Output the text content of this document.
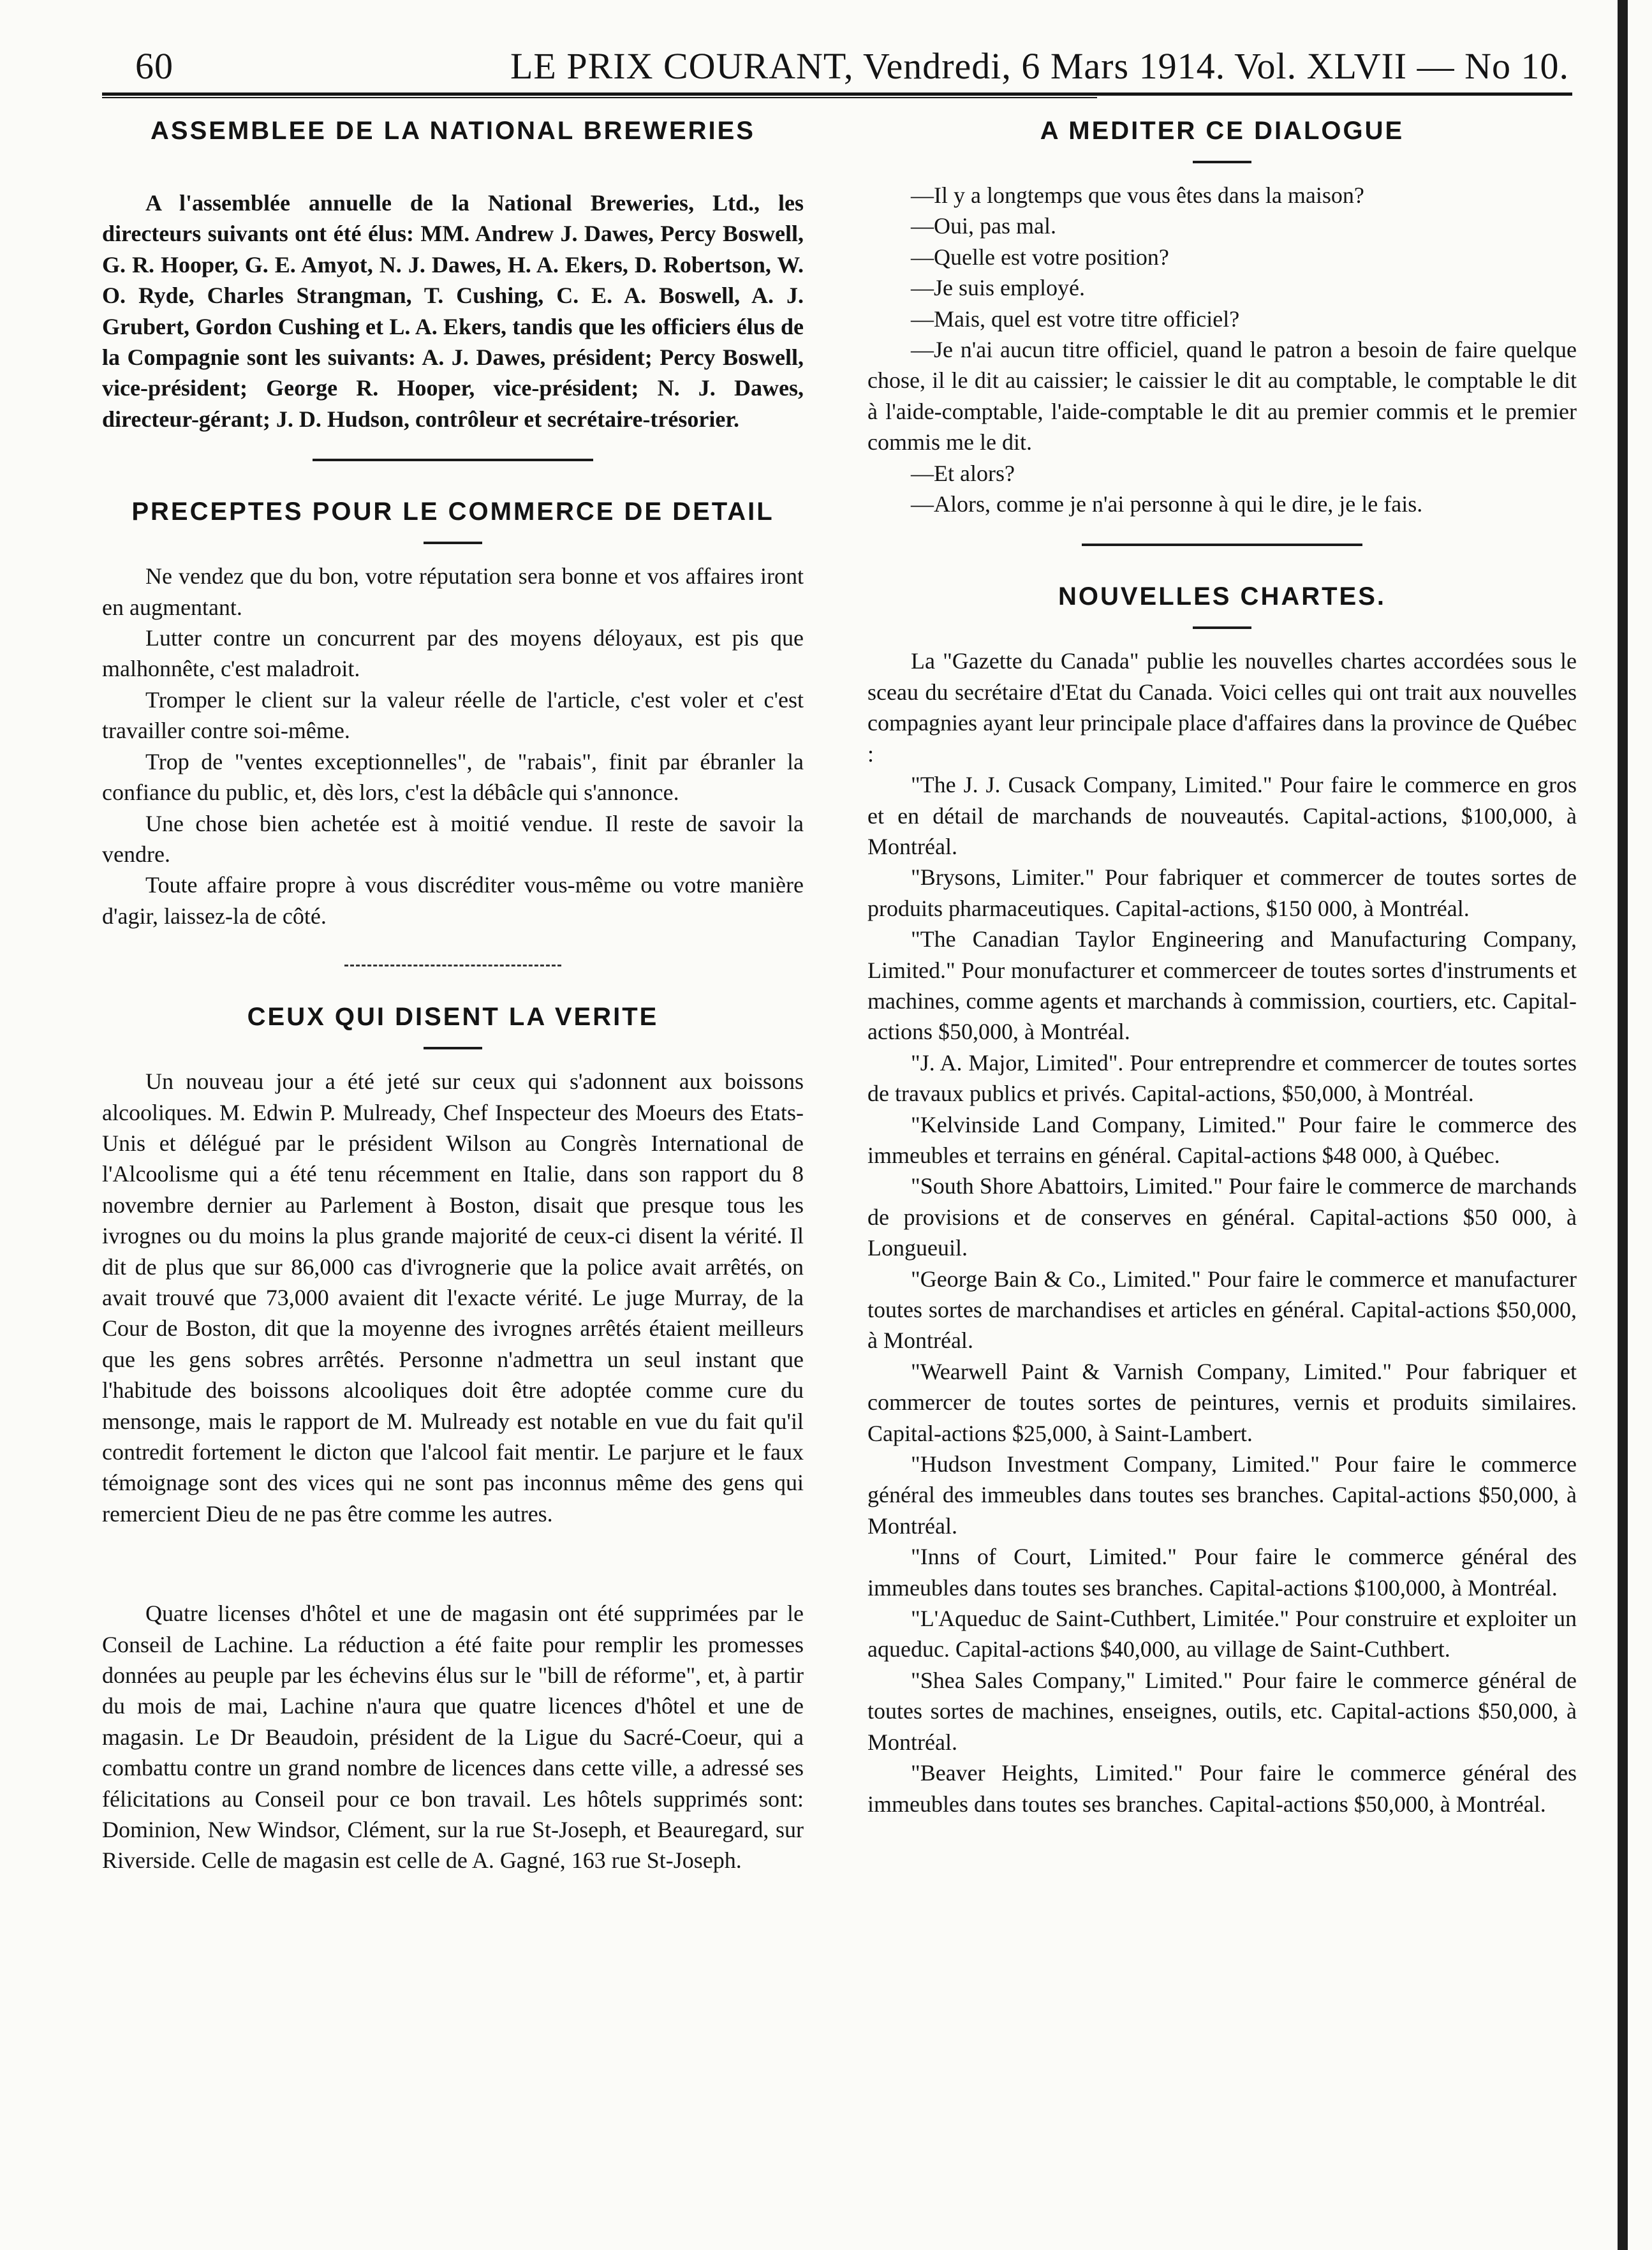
60	LE PRIX COURANT, Vendredi, 6 Mars 1914. Vol. XLVII — No 10.
ASSEMBLEE DE LA NATIONAL BREWERIES

A l'assemblée annuelle de la National Breweries, Ltd., les directeurs suivants ont été élus: MM. Andrew J. Dawes, Percy Boswell, G. R. Hooper, G. E. Amyot, N. J. Dawes, H. A. Ekers, D. Robertson, W. O. Ryde, Charles Strangman, T. Cushing, C. E. A. Boswell, A. J. Grubert, Gordon Cushing et L. A. Ekers, tandis que les officiers élus de la Compagnie sont les suivants: A. J. Dawes, président; Percy Boswell, vice-président; George R. Hooper, vice-président; N. J. Dawes, directeur-gérant; J. D. Hudson, contrôleur et secrétaire-trésorier.

PRECEPTES POUR LE COMMERCE DE DETAIL

Ne vendez que du bon, votre réputation sera bonne et vos affaires iront en augmentant.

Lutter contre un concurrent par des moyens déloyaux, est pis que malhonnête, c'est maladroit.

Tromper le client sur la valeur réelle de l'article, c'est voler et c'est travailler contre soi-même.

Trop de "ventes exceptionnelles", de "rabais", finit par ébranler la confiance du public, et, dès lors, c'est la débâcle qui s'annonce.

Une chose bien achetée est à moitié vendue. Il reste de savoir la vendre.

Toute affaire propre à vous discréditer vous-même ou votre manière d'agir, laissez-la de côté.

CEUX QUI DISENT LA VERITE

Un nouveau jour a été jeté sur ceux qui s'adonnent aux boissons alcooliques. M. Edwin P. Mulready, Chef Inspecteur des Moeurs des Etats-Unis et délégué par le président Wilson au Congrès International de l'Alcoolisme qui a été tenu récemment en Italie, dans son rapport du 8 novembre dernier au Parlement à Boston, disait que presque tous les ivrognes ou du moins la plus grande majorité de ceux-ci disent la vérité. Il dit de plus que sur 86,000 cas d'ivrognerie que la police avait arrêtés, on avait trouvé que 73,000 avaient dit l'exacte vérité. Le juge Murray, de la Cour de Boston, dit que la moyenne des ivrognes arrêtés étaient meilleurs que les gens sobres arrêtés. Personne n'admettra un seul instant que l'habitude des boissons alcooliques doit être adoptée comme cure du mensonge, mais le rapport de M. Mulready est notable en vue du fait qu'il contredit fortement le dicton que l'alcool fait mentir. Le parjure et le faux témoignage sont des vices qui ne sont pas inconnus même des gens qui remercient Dieu de ne pas être comme les autres.

Quatre licenses d'hôtel et une de magasin ont été supprimées par le Conseil de Lachine. La réduction a été faite pour remplir les promesses données au peuple par les échevins élus sur le "bill de réforme", et, à partir du mois de mai, Lachine n'aura que quatre licences d'hôtel et une de magasin. Le Dr Beaudoin, président de la Ligue du Sacré-Coeur, qui a combattu contre un grand nombre de licences dans cette ville, a adressé ses félicitations au Conseil pour ce bon travail. Les hôtels supprimés sont: Dominion, New Windsor, Clément, sur la rue St-Joseph, et Beauregard, sur Riverside. Celle de magasin est celle de A. Gagné, 163 rue St-Joseph.

A MEDITER CE DIALOGUE

—Il y a longtemps que vous êtes dans la maison?

—Oui, pas mal.

—Quelle est votre position?

—Je suis employé.

—Mais, quel est votre titre officiel?

—Je n'ai aucun titre officiel, quand le patron a besoin de faire quelque chose, il le dit au caissier; le caissier le dit au comptable, le comptable le dit à l'aide-comptable, l'aide-comptable le dit au premier commis et le premier commis me le dit.

—Et alors?

—Alors, comme je n'ai personne à qui le dire, je le fais.

NOUVELLES CHARTES.

La "Gazette du Canada" publie les nouvelles chartes accordées sous le sceau du secrétaire d'Etat du Canada. Voici celles qui ont trait aux nouvelles compagnies ayant leur principale place d'affaires dans la province de Québec :

"The J. J. Cusack Company, Limited." Pour faire le commerce en gros et en détail de marchands de nouveautés. Capital-actions, $100,000, à Montréal.

"Brysons, Limiter." Pour fabriquer et commercer de toutes sortes de produits pharmaceutiques. Capital-actions, $150 000, à Montréal.

"The Canadian Taylor Engineering and Manufacturing Company, Limited." Pour monufacturer et commerceer de toutes sortes d'instruments et machines, comme agents et marchands à commission, courtiers, etc. Capital-actions $50,000, à Montréal.

"J. A. Major, Limited". Pour entreprendre et commercer de toutes sortes de travaux publics et privés. Capital-actions, $50,000, à Montréal.

"Kelvinside Land Company, Limited." Pour faire le commerce des immeubles et terrains en général. Capital-actions $48 000, à Québec.

"South Shore Abattoirs, Limited." Pour faire le commerce de marchands de provisions et de conserves en général. Capital-actions $50 000, à Longueuil.

"George Bain & Co., Limited." Pour faire le commerce et manufacturer toutes sortes de marchandises et articles en général. Capital-actions $50,000, à Montréal.

"Wearwell Paint & Varnish Company, Limited." Pour fabriquer et commercer de toutes sortes de peintures, vernis et produits similaires. Capital-actions $25,000, à Saint-Lambert.

"Hudson Investment Company, Limited." Pour faire le commerce général des immeubles dans toutes ses branches. Capital-actions $50,000, à Montréal.

"Inns of Court, Limited." Pour faire le commerce général des immeubles dans toutes ses branches. Capital-actions $100,000, à Montréal.

"L'Aqueduc de Saint-Cuthbert, Limitée." Pour construire et exploiter un aqueduc. Capital-actions $40,000, au village de Saint-Cuthbert.

"Shea Sales Company," Limited." Pour faire le commerce général de toutes sortes de machines, enseignes, outils, etc. Capital-actions $50,000, à Montréal.

"Beaver Heights, Limited." Pour faire le commerce général des immeubles dans toutes ses branches. Capital-actions $50,000, à Montréal.
